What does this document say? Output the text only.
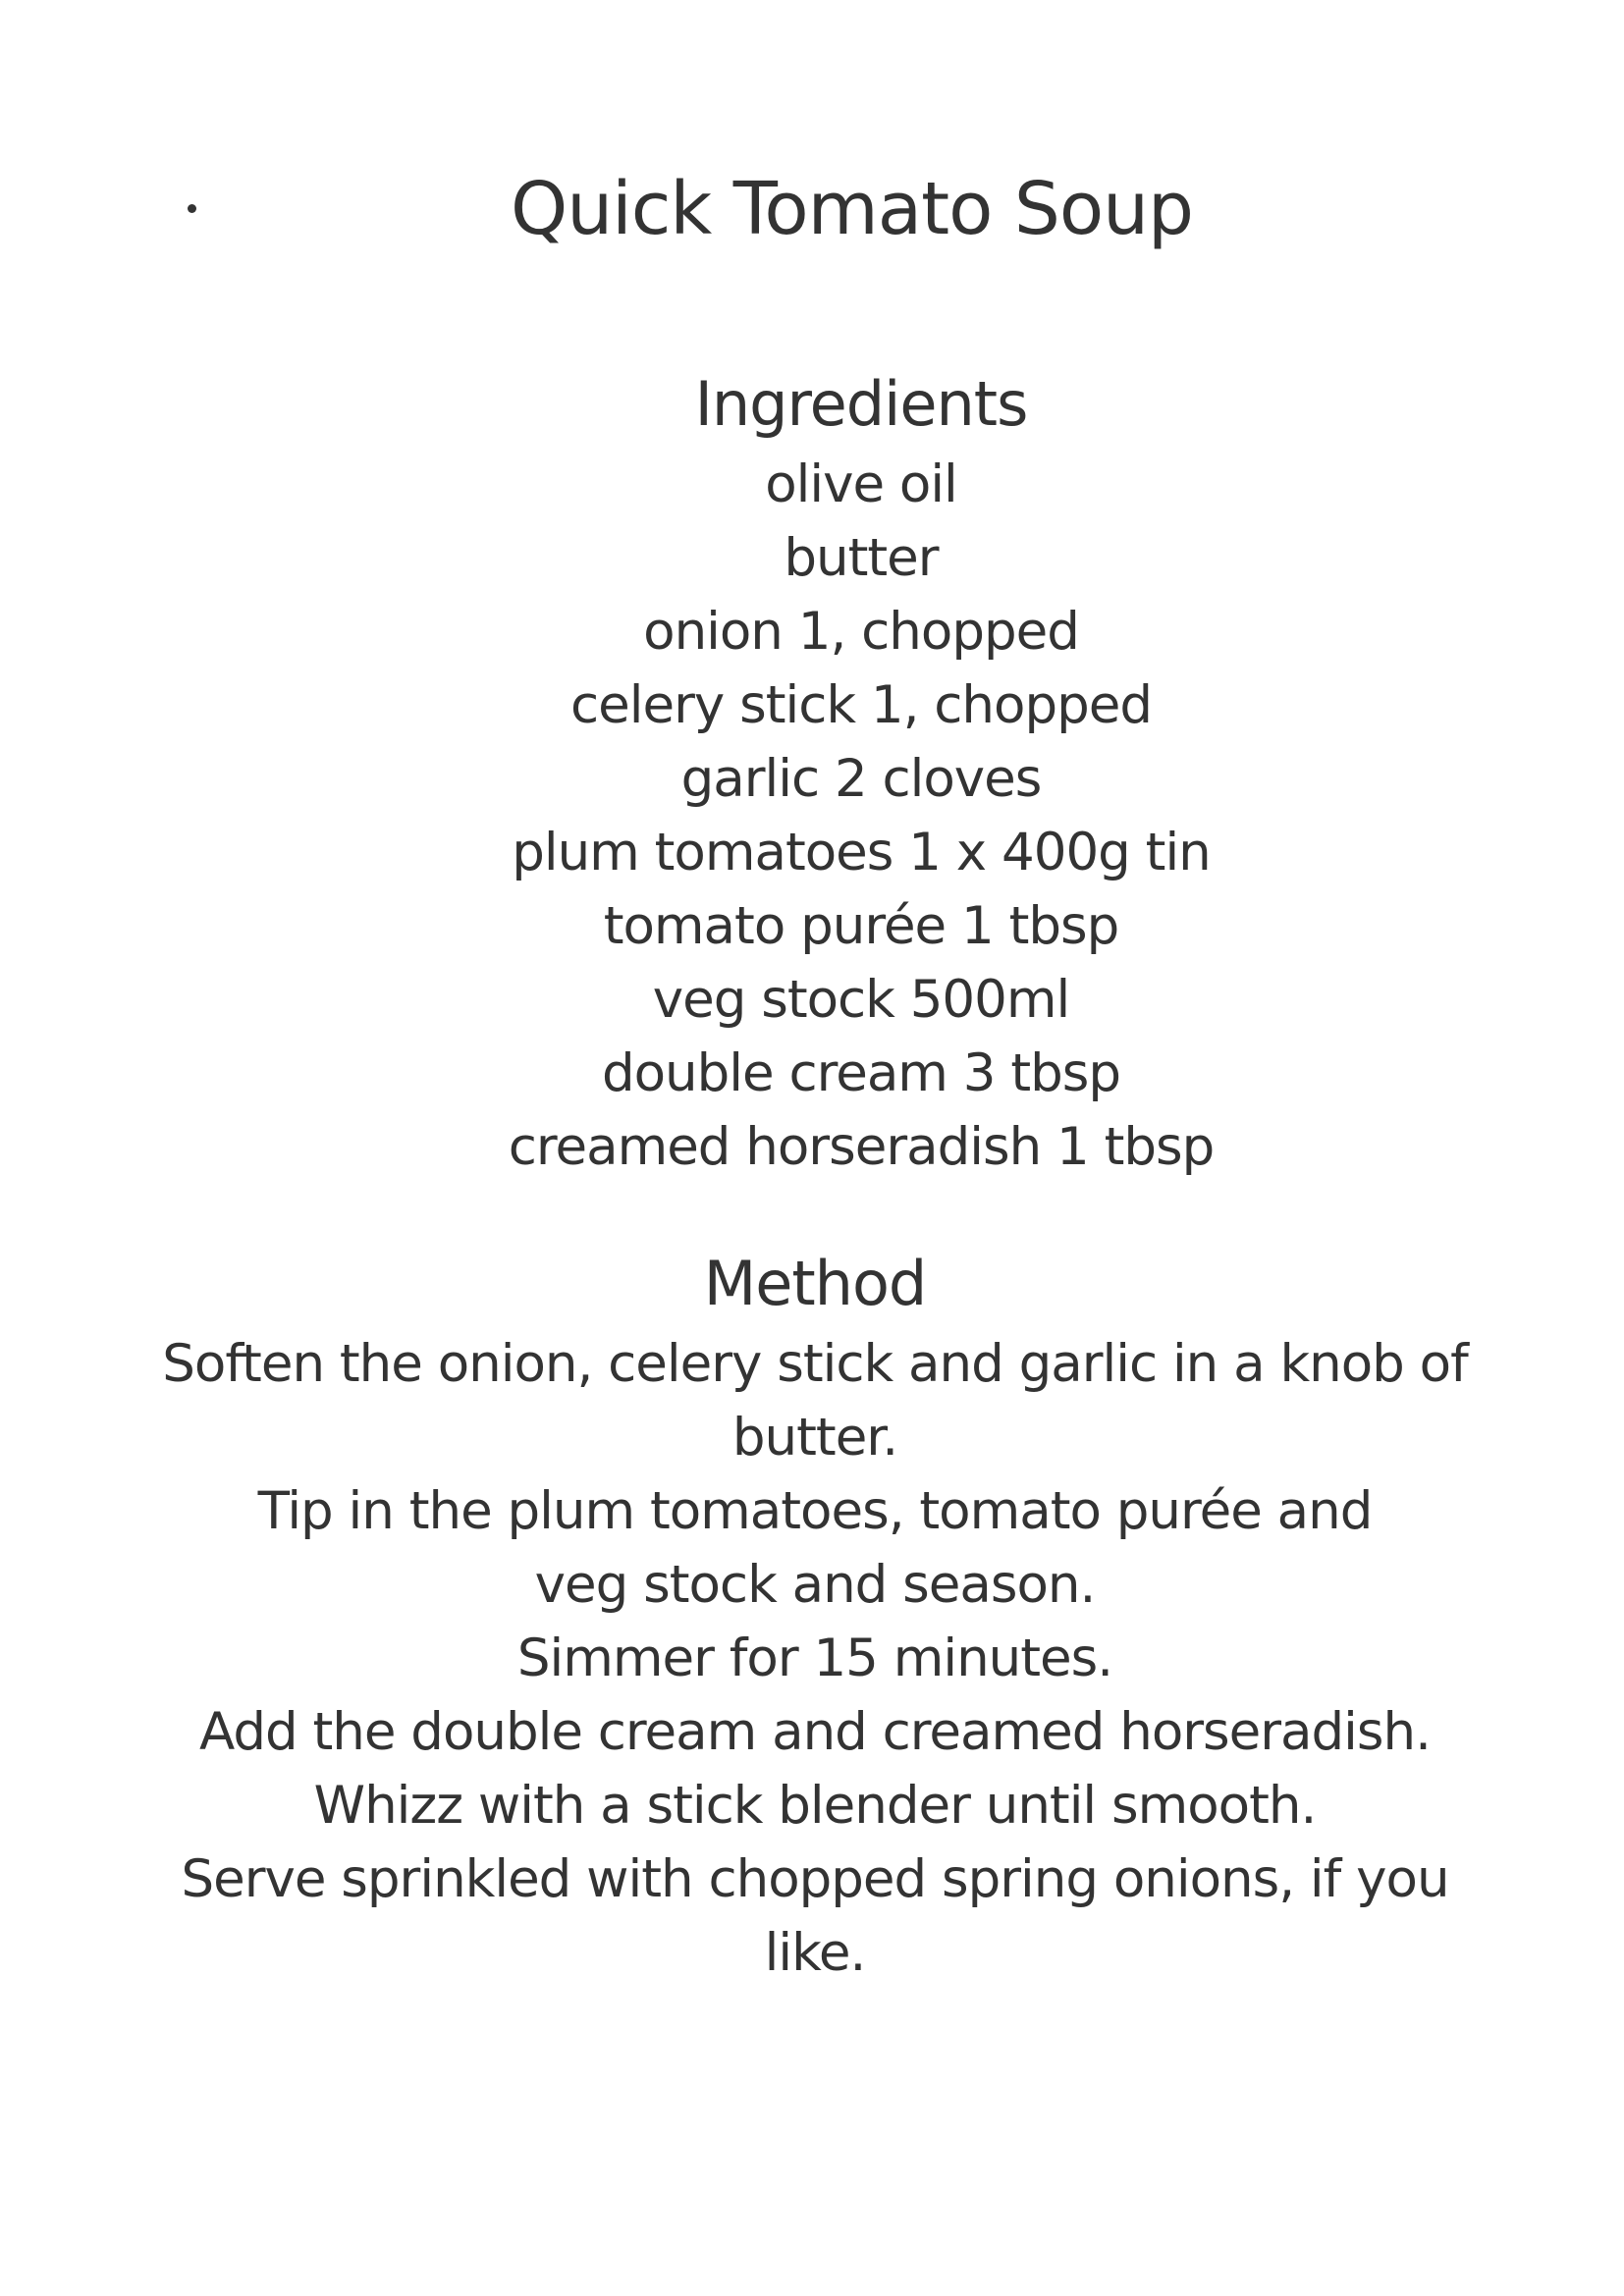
Quick Tomato Soup
Ingredients
olive oil
butter
onion 1, chopped
celery stick 1, chopped
garlic 2 cloves
plum tomatoes 1 x 400g tin
tomato purée 1 tbsp
veg stock 500ml
double cream 3 tbsp
creamed horseradish 1 tbsp
Method

Soften the onion, celery stick and garlic in a knob of butter.

Tip in the plum tomatoes, tomato purée and veg stock and season.

Simmer for 15 minutes.

Add the double cream and creamed horseradish.

Whizz with a stick blender until smooth.

Serve sprinkled with chopped spring onions, if you like.
